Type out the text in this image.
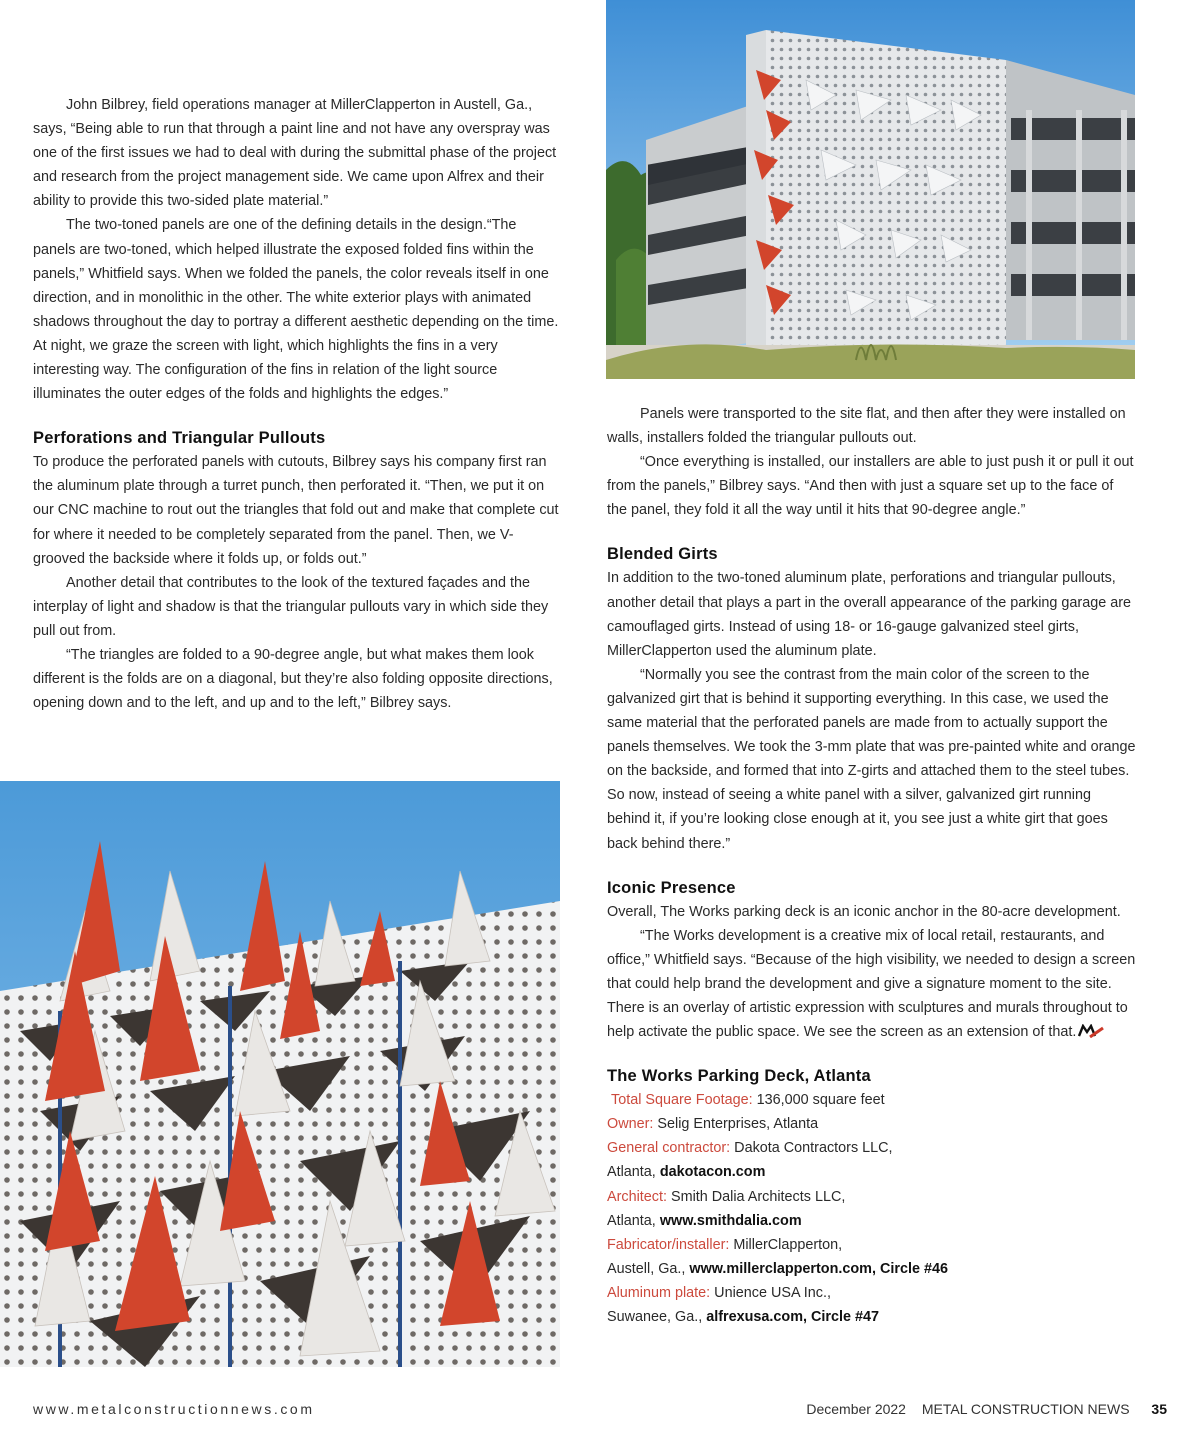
John Bilbrey, field operations manager at MillerClapperton in Austell, Ga., says, “Being able to run that through a paint line and not have any overspray was one of the first issues we had to deal with during the submittal phase of the project and research from the project management side. We came upon Alfrex and their ability to provide this two-sided plate material.”

The two-toned panels are one of the defining details in the design.“The panels are two-toned, which helped illustrate the exposed folded fins within the panels,” Whitfield says. When we folded the panels, the color reveals itself in one direction, and in monolithic in the other. The white exterior plays with animated shadows throughout the day to portray a different aesthetic depending on the time. At night, we graze the screen with light, which highlights the fins in a very interesting way. The configuration of the fins in relation of the light source illuminates the outer edges of the folds and highlights the edges.”

Perforations and Triangular Pullouts

To produce the perforated panels with cutouts, Bilbrey says his company first ran the aluminum plate through a turret punch, then perforated it. “Then, we put it on our CNC machine to rout out the triangles that fold out and make that complete cut for where it needed to be completely separated from the panel. Then, we V-grooved the backside where it folds up, or folds out.”

Another detail that contributes to the look of the textured façades and the interplay of light and shadow is that the triangular pullouts vary in which side they pull out from.

“The triangles are folded to a 90-degree angle, but what makes them look different is the folds are on a diagonal, but they’re also folding opposite directions, opening down and to the left, and up and to the left,” Bilbrey says.

Panels were transported to the site flat, and then after they were installed on walls, installers folded the triangular pullouts out.

“Once everything is installed, our installers are able to just push it or pull it out from the panels,” Bilbrey says. “And then with just a square set up to the face of the panel, they fold it all the way until it hits that 90-degree angle.”

Blended Girts

In addition to the two-toned aluminum plate, perforations and triangular pullouts, another detail that plays a part in the overall appearance of the parking garage are camouflaged girts. Instead of using 18- or 16-gauge galvanized steel girts, MillerClapperton used the aluminum plate.

“Normally you see the contrast from the main color of the screen to the galvanized girt that is behind it supporting everything. In this case, we used the same material that the perforated panels are made from to actually support the panels themselves. We took the 3-mm plate that was pre-painted white and orange on the backside, and formed that into Z-girts and attached them to the steel tubes. So now, instead of seeing a white panel with a silver, galvanized girt running behind it, if you’re looking close enough at it, you see just a white girt that goes back behind there.”

Iconic Presence

Overall, The Works parking deck is an iconic anchor in the 80-acre development.

“The Works development is a creative mix of local retail, restaurants, and office,” Whitfield says. “Because of the high visibility, we needed to design a screen that could help brand the development and give a signature moment to the site. There is an overlay of artistic expression with sculptures and murals throughout to help activate the public space. We see the screen as an extension of that.

The Works Parking Deck, Atlanta

Total Square Footage: 136,000 square feet

Owner: Selig Enterprises, Atlanta

General contractor: Dakota Contractors LLC,

Atlanta, dakotacon.com

Architect: Smith Dalia Architects LLC,

Atlanta, www.smithdalia.com

Fabricator/installer: MillerClapperton,

Austell, Ga., www.millerclapperton.com, Circle #46

Aluminum plate: Unience USA Inc.,

Suwanee, Ga., alfrexusa.com, Circle #47

www.metalconstructionnews.com	December 2022 METAL CONSTRUCTION NEWS 35
